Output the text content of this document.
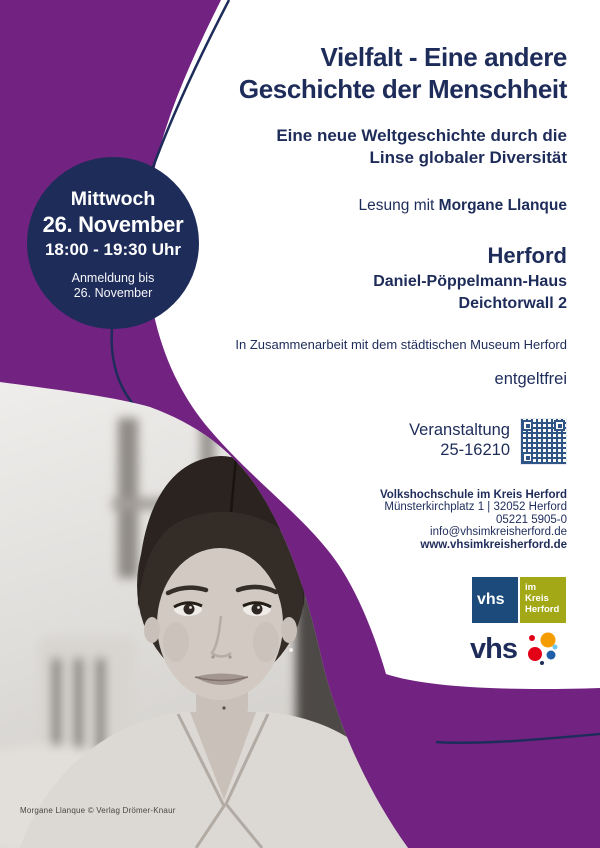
Mittwoch
26. November
18:00 - 19:30 Uhr
Anmeldung bis
26. November
Vielfalt - Eine andere
Geschichte der Menschheit
Eine neue Weltgeschichte durch die
Linse globaler Diversität
Lesung mit Morgane Llanque
Herford
Daniel-Pöppelmann-Haus
Deichtorwall 2
In Zusammenarbeit mit dem städtischen Museum Herford
entgeltfrei
Veranstaltung
25-16210
Volkshochschule im Kreis Herford
Münsterkirchplatz 1 | 32052 Herford
05221 5905-0
info@vhsimkreisherford.de
www.vhsimkreisherford.de
vhs
im
Kreis
Herford
vhs
Morgane Llanque © Verlag Drömer-Knaur
